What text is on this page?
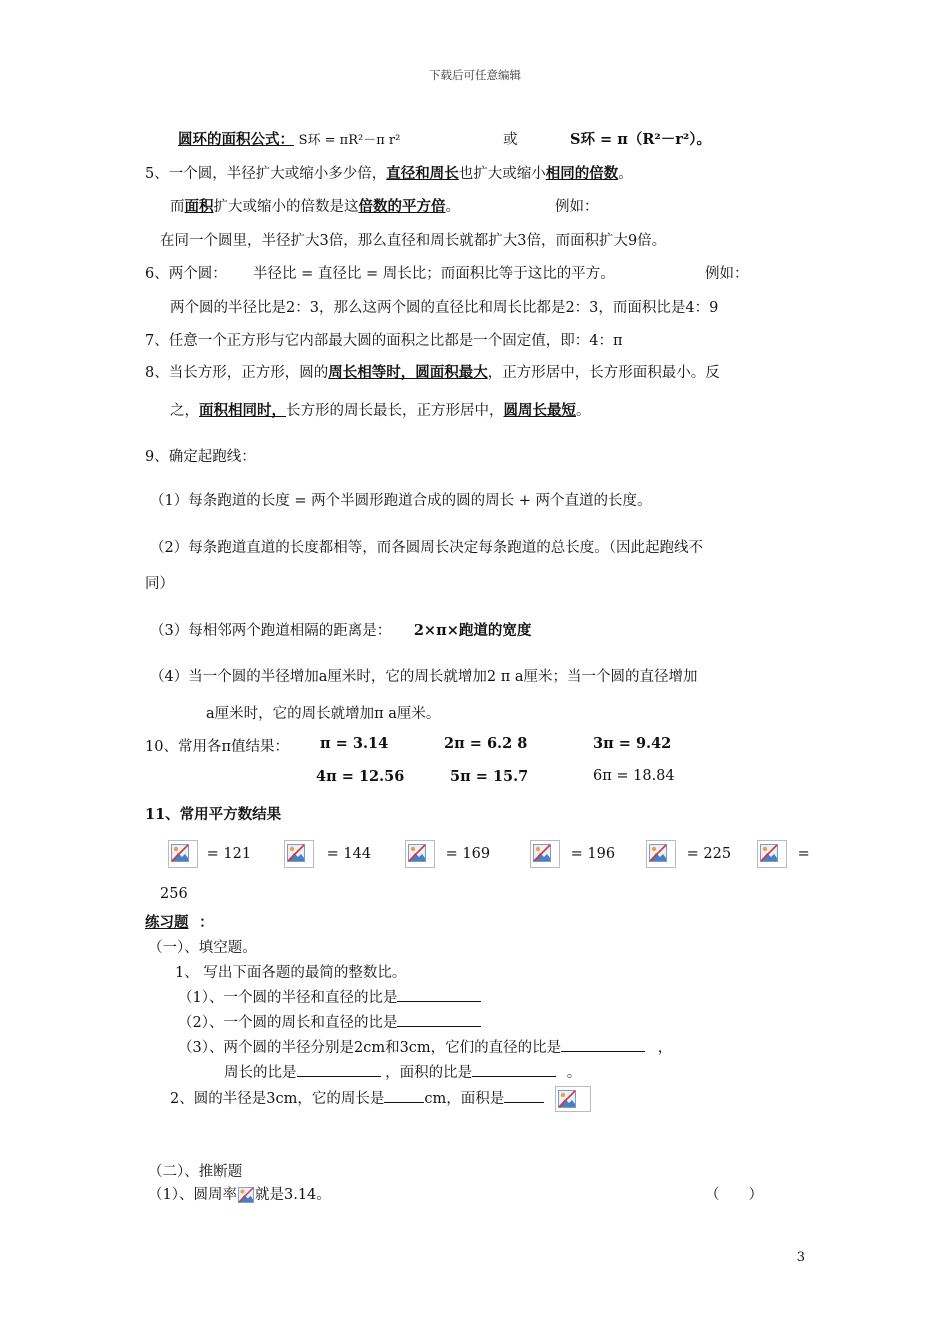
下载后可任意编辑
圆环的面积公式： S环 = πR²－π r²	或	S环 = π（R²－r²）。
5、一个圆，半径扩大或缩小多少倍，直径和周长也扩大或缩小相同的倍数。
而面积扩大或缩小的倍数是这倍数的平方倍。	例如：
在同一个圆里，半径扩大3倍，那么直径和周长就都扩大3倍，而面积扩大9倍。
6、两个圆： 半径比 = 直径比 = 周长比；而面积比等于这比的平方。	例如：
两个圆的半径比是2：3，那么这两个圆的直径比和周长比都是2：3，而面积比是4：9
7、任意一个正方形与它内部最大圆的面积之比都是一个固定值，即：4：π
8、当长方形，正方形，圆的周长相等时，圆面积最大，正方形居中，长方形面积最小。反
之，面积相同时，长方形的周长最长，正方形居中，圆周长最短。
9、确定起跑线：
（1）每条跑道的长度 = 两个半圆形跑道合成的圆的周长 + 两个直道的长度。
（2）每条跑道直道的长度都相等，而各圆周长决定每条跑道的总长度。（因此起跑线不
同）
（3）每相邻两个跑道相隔的距离是： 2×π×跑道的宽度
（4）当一个圆的半径增加a厘米时，它的周长就增加2 π a厘米；当一个圆的直径增加
a厘米时，它的周长就增加π a厘米。
10、常用各π值结果： π = 3.14	2π = 6.2 8	3π = 9.42
4π = 12.56	5π = 15.7	6π = 18.84
11、常用平方数结果
= 121	= 144	= 169	= 196	= 225	=
256
练习题 ：
（一）、填空题。
1、 写出下面各题的最简的整数比。
（1）、一个圆的半径和直径的比是
（2）、一个圆的周长和直径的比是
（3）、两个圆的半径分别是2cm和3cm，它们的直径的比是	，
周长的比是	，面积的比是	。
2、圆的半径是3cm，它的周长是	cm，面积是
（二）、推断题
（1）、圆周率 就是3.14。	（　　）
3
